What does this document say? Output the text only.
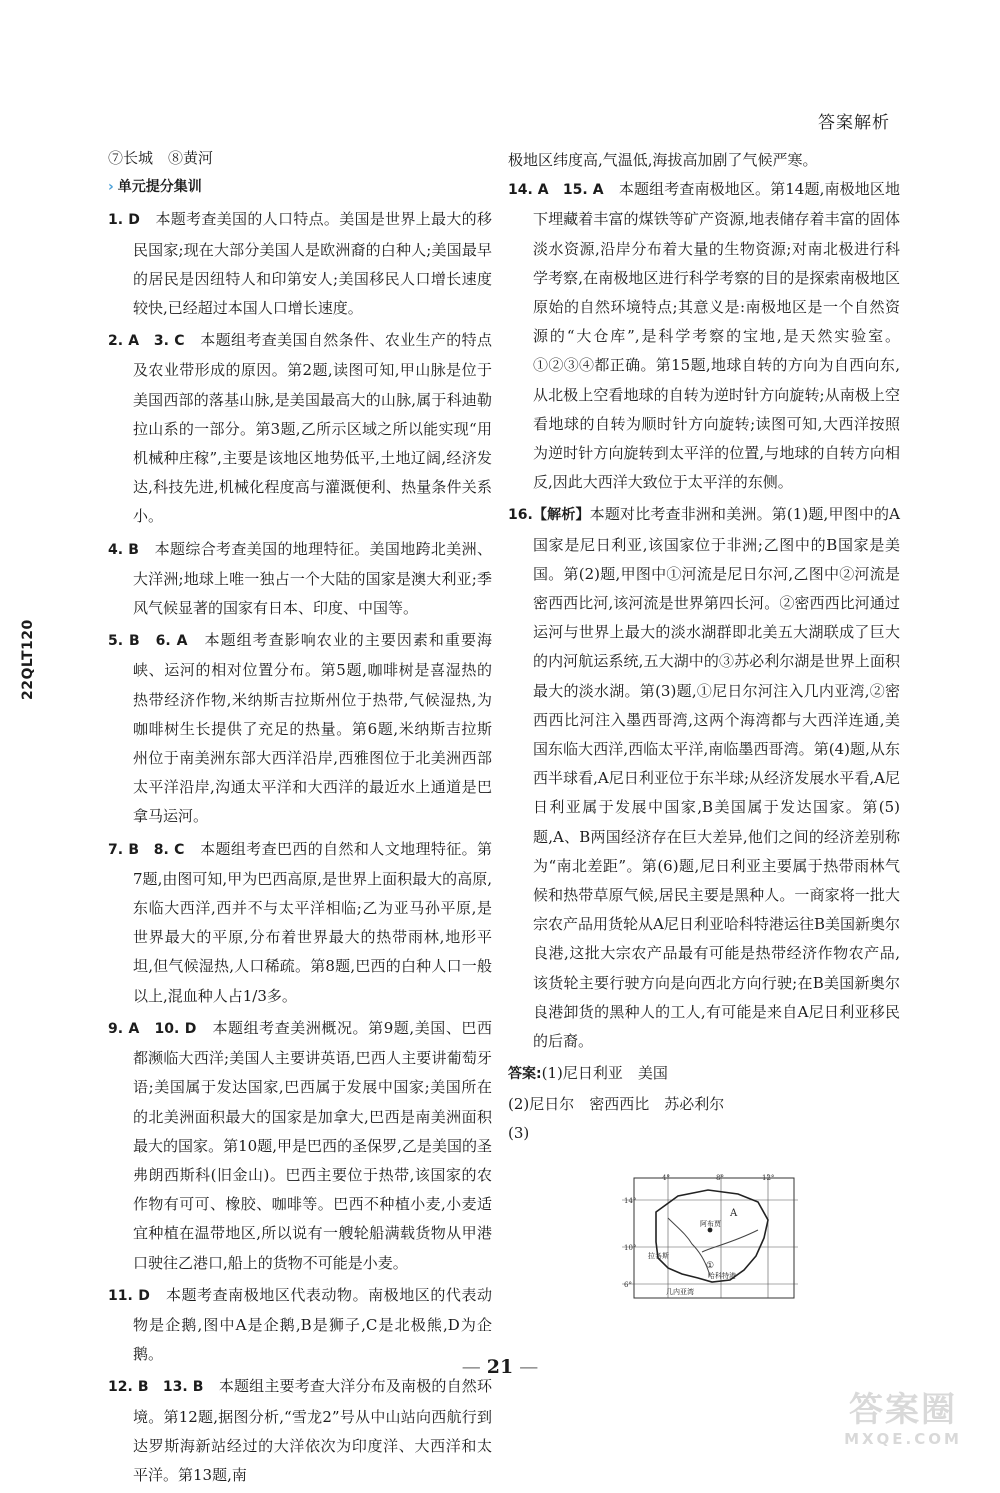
答案解析
22QLT120

⑦长城　⑧黄河

› 单元提分集训

1. D　 本题考查美国的人口特点。美国是世界上最大的移民国家;现在大部分美国人是欧洲裔的白种人;美国最早的居民是因纽特人和印第安人;美国移民人口增长速度较快,已经超过本国人口增长速度。

2. A　3. C　 本题组考查美国自然条件、农业生产的特点及农业带形成的原因。第2题,读图可知,甲山脉是位于美国西部的落基山脉,是美国最高大的山脉,属于科迪勒拉山系的一部分。第3题,乙所示区域之所以能实现“用机械种庄稼”,主要是该地区地势低平,土地辽阔,经济发达,科技先进,机械化程度高与灌溉便利、热量条件关系小。

4. B　 本题综合考查美国的地理特征。美国地跨北美洲、大洋洲;地球上唯一独占一个大陆的国家是澳大利亚;季风气候显著的国家有日本、印度、中国等。

5. B　6. A　 本题组考查影响农业的主要因素和重要海峡、运河的相对位置分布。第5题,咖啡树是喜湿热的热带经济作物,米纳斯吉拉斯州位于热带,气候湿热,为咖啡树生长提供了充足的热量。第6题,米纳斯吉拉斯州位于南美洲东部大西洋沿岸,西雅图位于北美洲西部太平洋沿岸,沟通太平洋和大西洋的最近水上通道是巴拿马运河。

7. B　8. C　 本题组考查巴西的自然和人文地理特征。第7题,由图可知,甲为巴西高原,是世界上面积最大的高原,东临大西洋,西并不与太平洋相临;乙为亚马孙平原,是世界最大的平原,分布着世界最大的热带雨林,地形平坦,但气候湿热,人口稀疏。第8题,巴西的白种人口一般以上,混血种人占1/3多。

9. A　10. D　 本题组考查美洲概况。第9题,美国、巴西都濒临大西洋;美国人主要讲英语,巴西人主要讲葡萄牙语;美国属于发达国家,巴西属于发展中国家;美国所在的北美洲面积最大的国家是加拿大,巴西是南美洲面积最大的国家。第10题,甲是巴西的圣保罗,乙是美国的圣弗朗西斯科(旧金山)。巴西主要位于热带,该国家的农作物有可可、橡胶、咖啡等。巴西不种植小麦,小麦适宜种植在温带地区,所以说有一艘轮船满载货物从甲港口驶往乙港口,船上的货物不可能是小麦。

11. D　 本题考查南极地区代表动物。南极地区的代表动物是企鹅,图中A是企鹅,B是狮子,C是北极熊,D为企鹅。

12. B　13. B　 本题组主要考查大洋分布及南极的自然环境。第12题,据图分析,“雪龙2”号从中山站向西航行到达罗斯海新站经过的大洋依次为印度洋、大西洋和太平洋。第13题,南

极地区纬度高,气温低,海拔高加剧了气候严寒。

14. A　15. A　 本题组考查南极地区。第14题,南极地区地下埋藏着丰富的煤铁等矿产资源,地表储存着丰富的固体淡水资源,沿岸分布着大量的生物资源;对南北极进行科学考察,在南极地区进行科学考察的目的是探索南极地区原始的自然环境特点;其意义是:南极地区是一个自然资源的“大仓库”,是科学考察的宝地,是天然实验室。①②③④都正确。第15题,地球自转的方向为自西向东,从北极上空看地球的自转为逆时针方向旋转;从南极上空看地球的自转为顺时针方向旋转;读图可知,大西洋按照为逆时针方向旋转到太平洋的位置,与地球的自转方向相反,因此大西洋大致位于太平洋的东侧。

16.【解析】本题对比考查非洲和美洲。第(1)题,甲图中的A国家是尼日利亚,该国家位于非洲;乙图中的B国家是美国。第(2)题,甲图中①河流是尼日尔河,乙图中②河流是密西西比河,该河流是世界第四长河。②密西西比河通过运河与世界上最大的淡水湖群即北美五大湖联成了巨大的内河航运系统,五大湖中的③苏必利尔湖是世界上面积最大的淡水湖。第(3)题,①尼日尔河注入几内亚湾,②密西西比河注入墨西哥湾,这两个海湾都与大西洋连通,美国东临大西洋,西临太平洋,南临墨西哥湾。第(4)题,从东西半球看,A尼日利亚位于东半球;从经济发展水平看,A尼日利亚属于发展中国家,B美国属于发达国家。第(5)题,A、B两国经济存在巨大差异,他们之间的经济差别称为“南北差距”。第(6)题,尼日利亚主要属于热带雨林气候和热带草原气候,居民主要是黑种人。一商家将一批大宗农产品用货轮从A尼日利亚哈科特港运往B美国新奥尔良港,这批大宗农产品最有可能是热带经济作物农产品,该货轮主要行驶方向是向西北方向行驶;在B美国新奥尔良港卸货的黑种人的工人,有可能是来自A尼日利亚移民的后裔。

答案:(1)尼日利亚　美国

(2)尼日尔　密西西比　苏必利尔

(3)

14°
10°
6°
4°	8°	12°
A
阿布贾
拉各斯
①
哈科特港
几内亚湾
— 21 —
答案圈
MXQE.COM
